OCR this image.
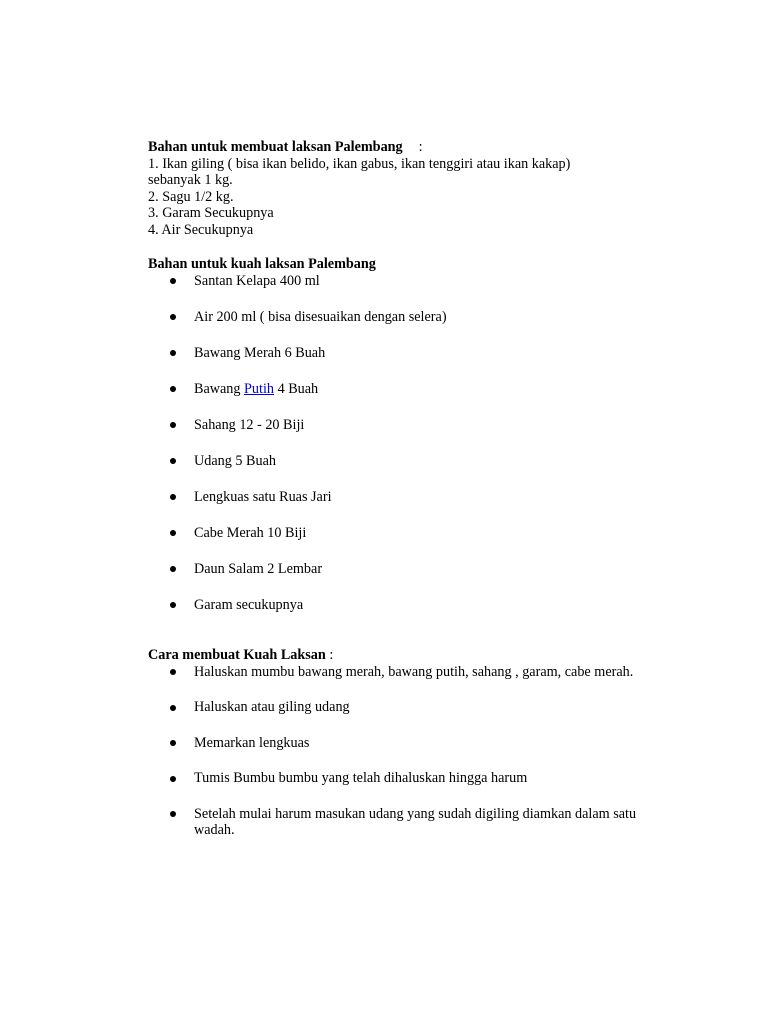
Bahan untuk membuat laksan Palembang :
1. Ikan giling ( bisa ikan belido, ikan gabus, ikan tenggiri atau ikan kakap)
sebanyak 1 kg.
2. Sagu 1/2 kg.
3. Garam Secukupnya
4. Air Secukupnya
Bahan untuk kuah laksan Palembang
Santan Kelapa 400 ml
Air 200 ml ( bisa disesuaikan dengan selera)
Bawang Merah 6 Buah
Bawang Putih 4 Buah
Sahang 12 - 20 Biji
Udang 5 Buah
Lengkuas satu Ruas Jari
Cabe Merah 10 Biji
Daun Salam 2 Lembar
Garam secukupnya
Cara membuat Kuah Laksan :
Haluskan mumbu bawang merah, bawang putih, sahang , garam, cabe merah.
Haluskan atau giling udang
Memarkan lengkuas
Tumis Bumbu bumbu yang telah dihaluskan hingga harum
Setelah mulai harum masukan udang yang sudah digiling diamkan dalam satu wadah.
